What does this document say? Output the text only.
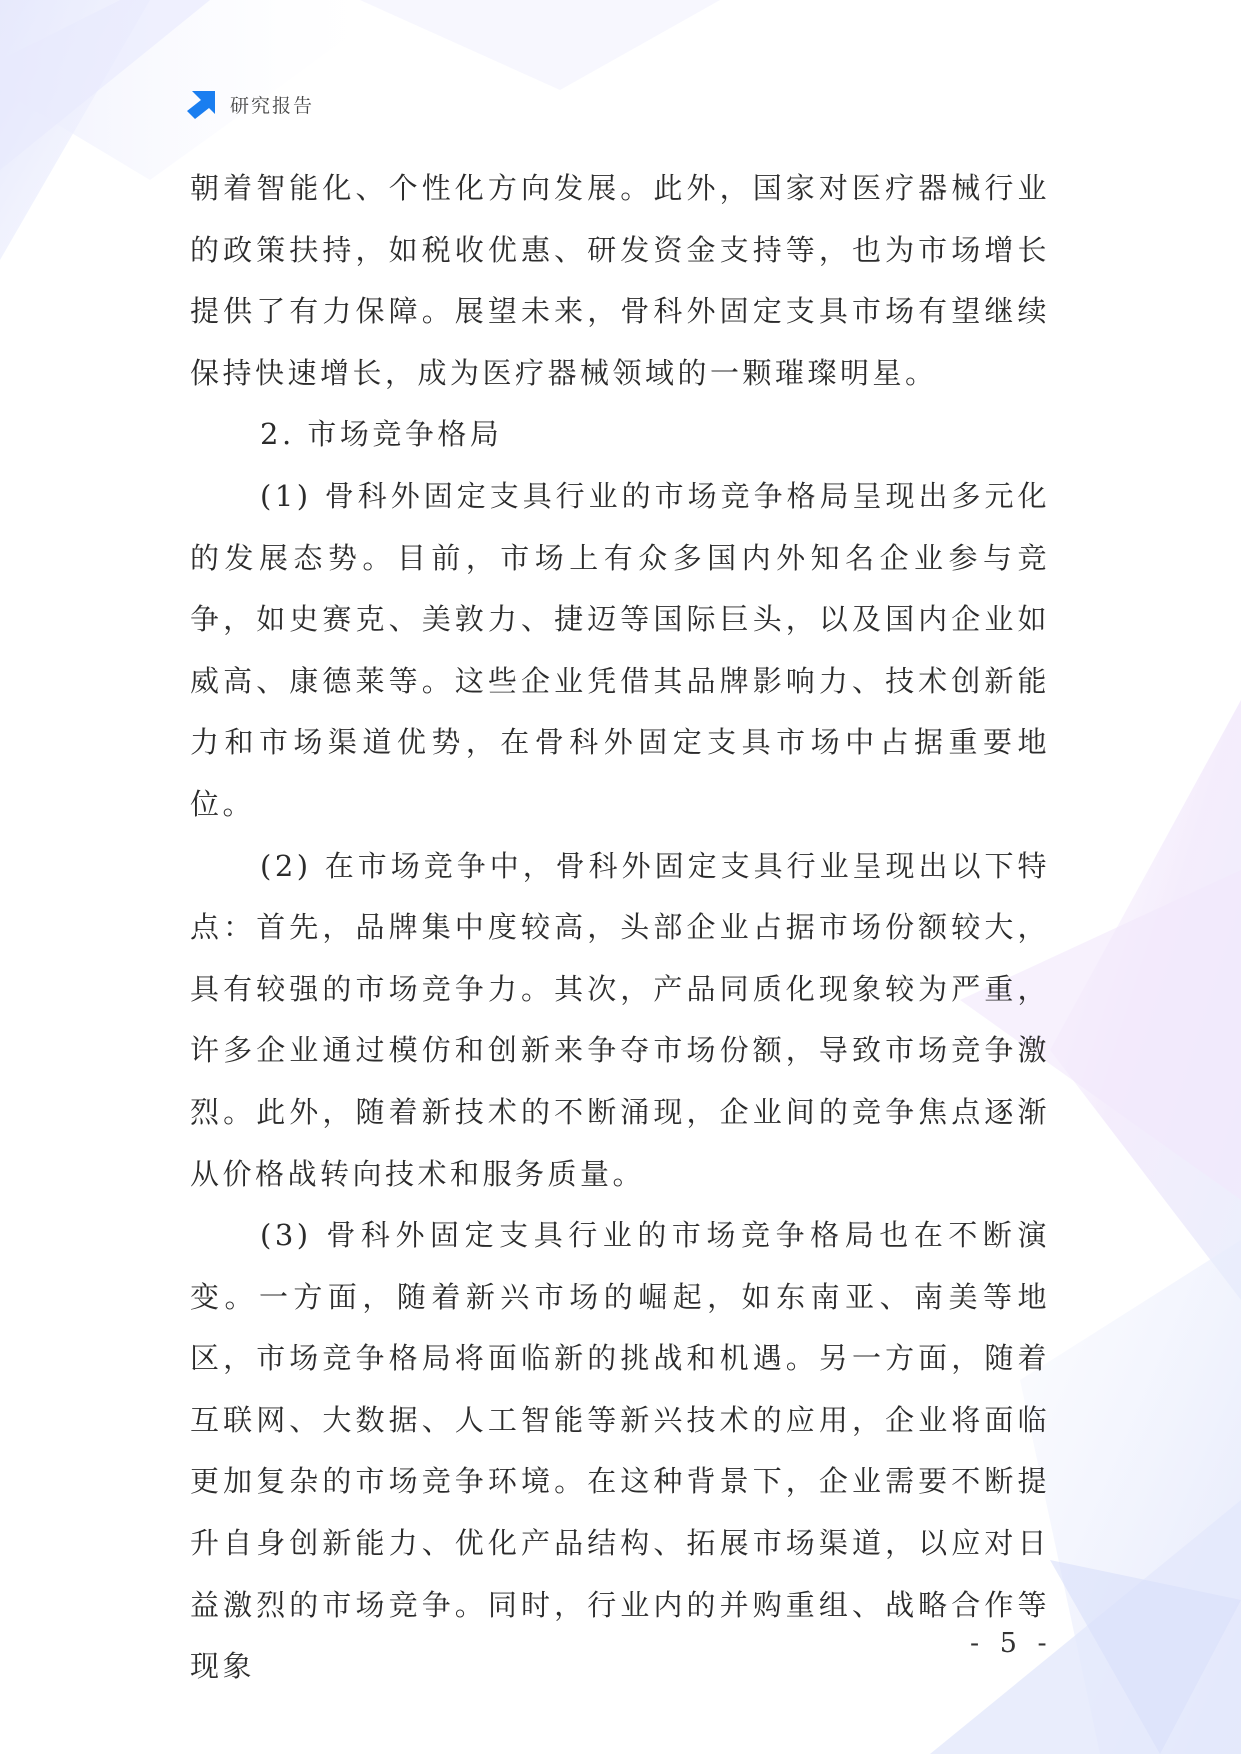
研究报告

朝着智能化、个性化方向发展。此外，国家对医疗器械行业的政策扶持，如税收优惠、研发资金支持等，也为市场增长提供了有力保障。展望未来，骨科外固定支具市场有望继续保持快速增长，成为医疗器械领域的一颗璀璨明星。

2. 市场竞争格局

(1) 骨科外固定支具行业的市场竞争格局呈现出多元化的发展态势。目前，市场上有众多国内外知名企业参与竞争，如史赛克、美敦力、捷迈等国际巨头，以及国内企业如威高、康德莱等。这些企业凭借其品牌影响力、技术创新能力和市场渠道优势，在骨科外固定支具市场中占据重要地位。

(2) 在市场竞争中，骨科外固定支具行业呈现出以下特点：首先，品牌集中度较高，头部企业占据市场份额较大，具有较强的市场竞争力。其次，产品同质化现象较为严重，许多企业通过模仿和创新来争夺市场份额，导致市场竞争激烈。此外，随着新技术的不断涌现，企业间的竞争焦点逐渐从价格战转向技术和服务质量。

(3) 骨科外固定支具行业的市场竞争格局也在不断演变。一方面，随着新兴市场的崛起，如东南亚、南美等地区，市场竞争格局将面临新的挑战和机遇。另一方面，随着互联网、大数据、人工智能等新兴技术的应用，企业将面临更加复杂的市场竞争环境。在这种背景下，企业需要不断提升自身创新能力、优化产品结构、拓展市场渠道，以应对日益激烈的市场竞争。同时，行业内的并购重组、战略合作等现象

- 5 -
